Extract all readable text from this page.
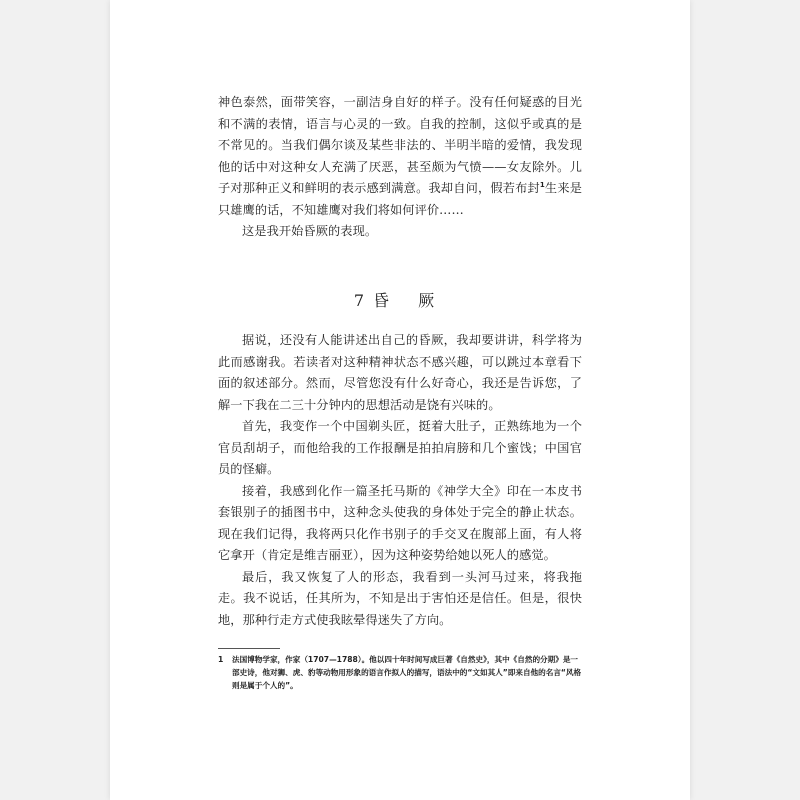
神色泰然，面带笑容，一副洁身自好的样子。没有任何疑惑的目光和不满的表情，语言与心灵的一致。自我的控制，这似乎或真的是不常见的。当我们偶尔谈及某些非法的、半明半暗的爱情，我发现他的话中对这种女人充满了厌恶，甚至颇为气愤——女友除外。儿子对那种正义和鲜明的表示感到满意。我却自问，假若布封$^1$生来是只雄鹰的话，不知雄鹰对我们将如何评价……

这是我开始昏厥的表现。

7 昏 厥

据说，还没有人能讲述出自己的昏厥，我却要讲讲，科学将为此而感谢我。若读者对这种精神状态不感兴趣，可以跳过本章看下面的叙述部分。然而，尽管您没有什么好奇心，我还是告诉您，了解一下我在二三十分钟内的思想活动是饶有兴味的。

首先，我变作一个中国剃头匠，挺着大肚子，正熟练地为一个官员刮胡子，而他给我的工作报酬是拍拍肩膀和几个蜜饯；中国官员的怪癖。

接着，我感到化作一篇圣托马斯的《神学大全》印在一本皮书套银别子的插图书中，这种念头使我的身体处于完全的静止状态。现在我们记得，我将两只化作书别子的手交叉在腹部上面，有人将它拿开（肯定是维吉丽亚），因为这种姿势给她以死人的感觉。

最后，我又恢复了人的形态，我看到一头河马过来，将我拖走。我不说话，任其所为，不知是出于害怕还是信任。但是，很快地，那种行走方式使我眩晕得迷失了方向。

1 法国博物学家，作家（1707—1788）。他以四十年时间写成巨著《自然史》，其中《自然的分期》是一部史诗，他对狮、虎、豹等动物用形象的语言作拟人的描写，语法中的“文如其人”即来自他的名言“风格则是属于个人的”。
